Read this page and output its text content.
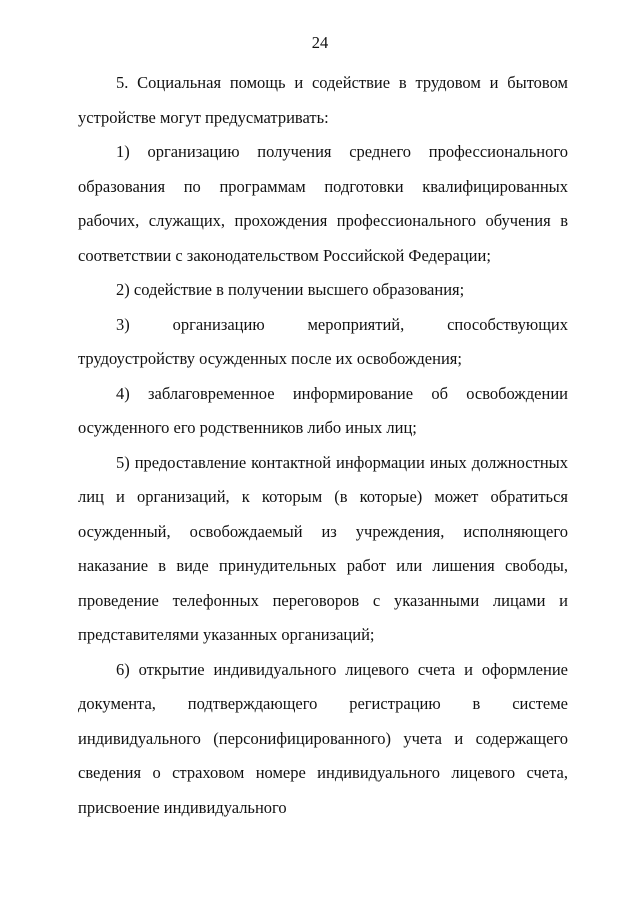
24

5. Социальная помощь и содействие в трудовом и бытовом устройстве могут предусматривать:

1) организацию получения среднего профессионального образования по программам подготовки квалифицированных рабочих, служащих, прохождения профессионального обучения в соответствии с законодательством Российской Федерации;

2) содействие в получении высшего образования;

3) организацию мероприятий, способствующих трудоустройству осужденных после их освобождения;

4) заблаговременное информирование об освобождении осужденного его родственников либо иных лиц;

5) предоставление контактной информации иных должностных лиц и организаций, к которым (в которые) может обратиться осужденный, освобождаемый из учреждения, исполняющего наказание в виде принудительных работ или лишения свободы, проведение телефонных переговоров с указанными лицами и представителями указанных организаций;

6) открытие индивидуального лицевого счета и оформление документа, подтверждающего регистрацию в системе индивидуального (персонифицированного) учета и содержащего сведения о страховом номере индивидуального лицевого счета, присвоение индивидуального
